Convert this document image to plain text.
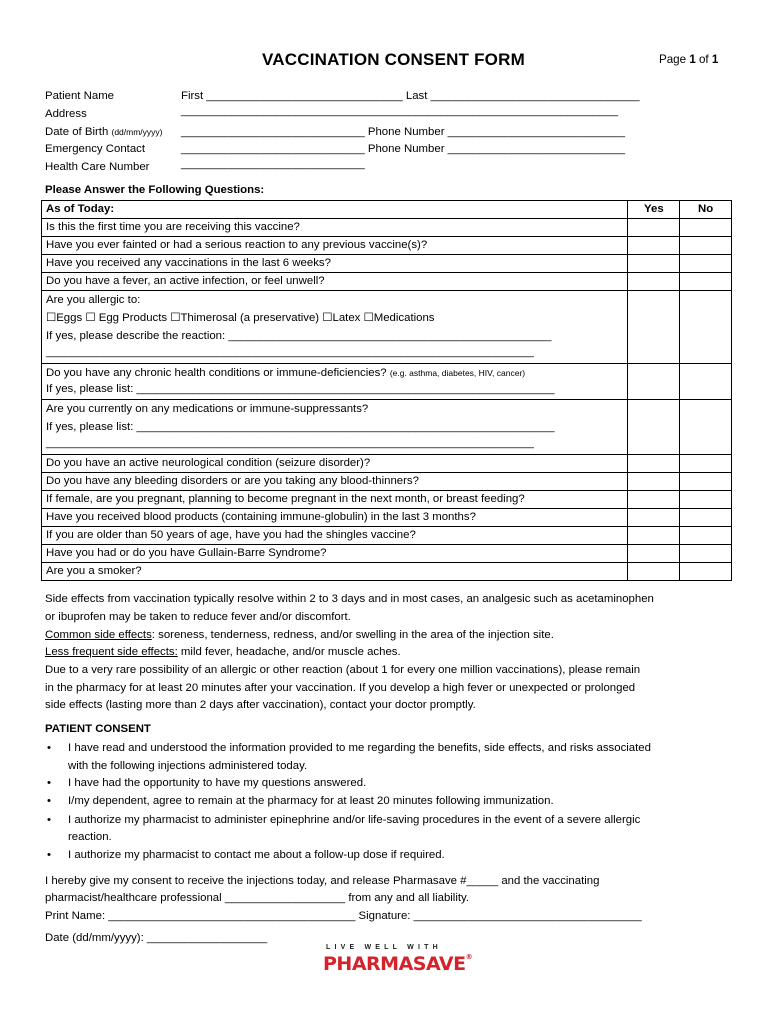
VACCINATION CONSENT FORM	Page 1 of 1
Patient Name	First _______________________________ Last _________________________________
Address	_____________________________________________________________________
Date of Birth (dd/mm/yyyy) _____________________________ Phone Number ____________________________
Emergency Contact	_____________________________ Phone Number ____________________________
Health Care Number	_____________________________
Please Answer the Following Questions:
As of Today:	Yes	No
Is this the first time you are receiving this vaccine?		
Have you ever fainted or had a serious reaction to any previous vaccine(s)?		
Have you received any vaccinations in the last 6 weeks?		
Do you have a fever, an active infection, or feel unwell?		

Are you allergic to:
☐Eggs ☐ Egg Products ☐Thimerosal (a preservative) ☐Latex ☐Medications
If yes, please describe the reaction: ___________________________________________________
_____________________________________________________________________________		

Do you have any chronic health conditions or immune-deficiencies? (e.g. asthma, diabetes, HIV, cancer)
If yes, please list: __________________________________________________________________		

Are you currently on any medications or immune-suppressants?
If yes, please list: __________________________________________________________________
_____________________________________________________________________________		

Do you have an active neurological condition (seizure disorder)?		
Do you have any bleeding disorders or are you taking any blood-thinners?		
If female, are you pregnant, planning to become pregnant in the next month, or breast feeding?		
Have you received blood products (containing immune-globulin) in the last 3 months?		
If you are older than 50 years of age, have you had the shingles vaccine?		
Have you had or do you have Gullain-Barre Syndrome?		
Are you a smoker?		
Side effects from vaccination typically resolve within 2 to 3 days and in most cases, an analgesic such as acetaminophen
or ibuprofen may be taken to reduce fever and/or discomfort.
Common side effects: soreness, tenderness, redness, and/or swelling in the area of the injection site.
Less frequent side effects: mild fever, headache, and/or muscle aches.
Due to a very rare possibility of an allergic or other reaction (about 1 for every one million vaccinations), please remain
in the pharmacy for at least 20 minutes after your vaccination. If you develop a high fever or unexpected or prolonged
side effects (lasting more than 2 days after vaccination), contact your doctor promptly.
PATIENT CONSENT
• I have read and understood the information provided to me regarding the benefits, side effects, and risks associated
with the following injections administered today.
• I have had the opportunity to have my questions answered.
• I/my dependent, agree to remain at the pharmacy for at least 20 minutes following immunization.
• I authorize my pharmacist to administer epinephrine and/or life-saving procedures in the event of a severe allergic
reaction.
• I authorize my pharmacist to contact me about a follow-up dose if required.
I hereby give my consent to receive the injections today, and release Pharmasave #_____ and the vaccinating
pharmacist/healthcare professional ___________________ from any and all liability.
Print Name: _______________________________________ Signature: ____________________________________
Date (dd/mm/yyyy): ___________________
LIVE WELL WITH
PHARMASAVE®
